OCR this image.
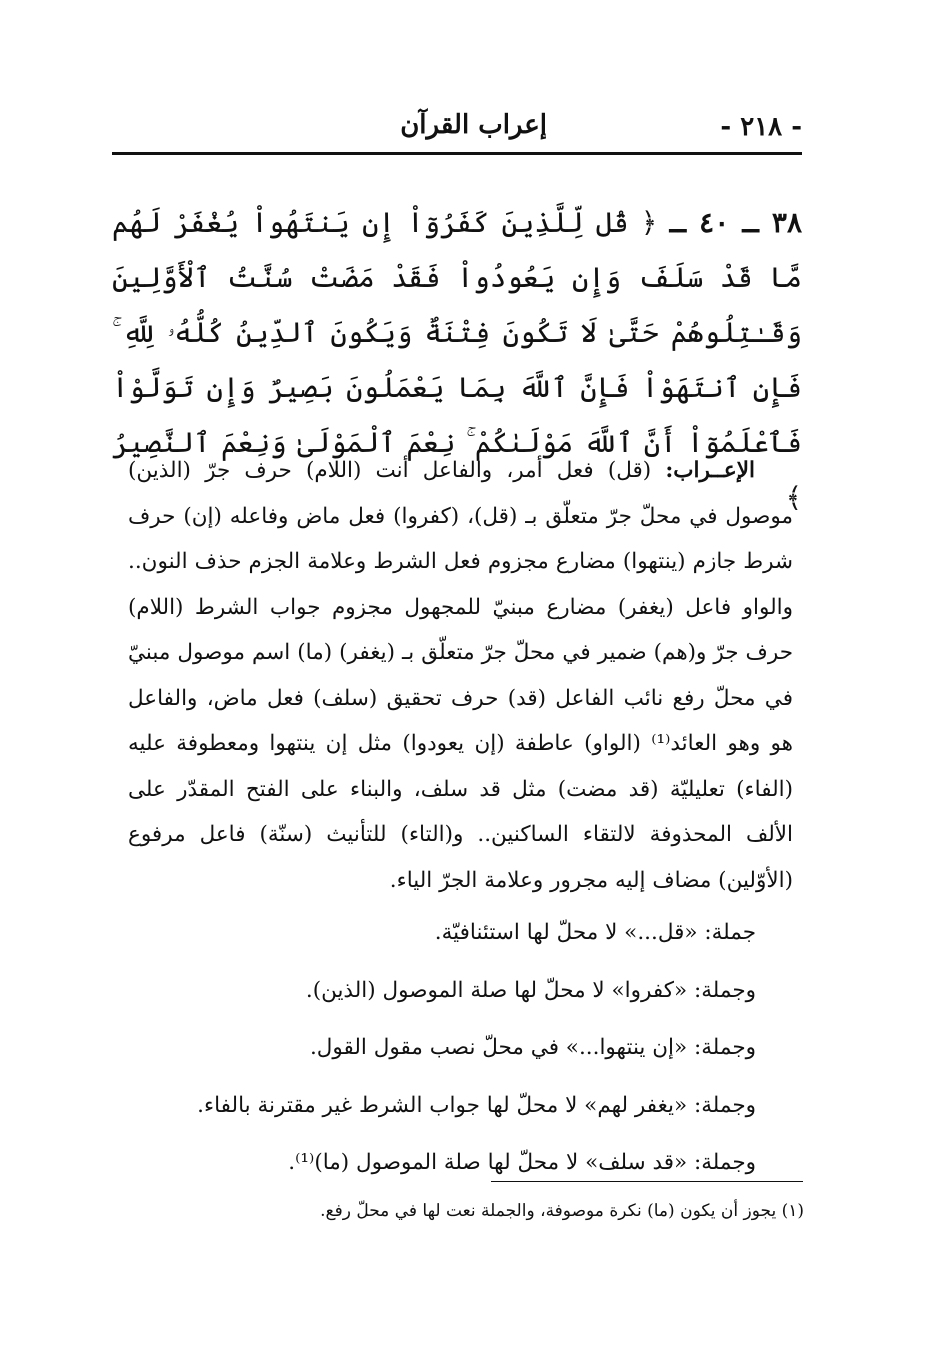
- ٢١٨ -
إعراب القرآن
٣٨ ــ ٤٠ ــ ﴿ قُل لِّلَّذِينَ كَفَرُوٓاْ إِن يَنتَهُواْ يُغْفَرْ لَهُم مَّا قَدْ سَلَفَ وَإِن يَعُودُواْ فَقَدْ مَضَتْ سُنَّتُ ٱلْأَوَّلِينَ وَقَـٰتِلُوهُمْ حَتَّىٰ لَا تَكُونَ فِتْنَةٌ وَيَكُونَ ٱلدِّينُ كُلُّهُۥ لِلَّهِ ۚ فَإِنِ ٱنتَهَوْاْ فَإِنَّ ٱللَّهَ بِمَا يَعْمَلُونَ بَصِيرٌ وَإِن تَوَلَّوْاْ فَٱعْلَمُوٓاْ أَنَّ ٱللَّهَ مَوْلَىٰكُمْ ۚ نِعْمَ ٱلْمَوْلَىٰ وَنِعْمَ ٱلنَّصِيرُ ﴾
الإعــراب: (قل) فعل أمر، والفاعل أنت (اللام) حرف جرّ (الذين) موصول في محلّ جرّ متعلّق بـ (قل)، (كفروا) فعل ماض وفاعله (إن) حرف شرط جازم (ينتهوا) مضارع مجزوم فعل الشرط وعلامة الجزم حذف النون.. والواو فاعل (يغفر) مضارع مبنيّ للمجهول مجزوم جواب الشرط (اللام) حرف جرّ و(هم) ضمير في محلّ جرّ متعلّق بـ (يغفر) (ما) اسم موصول مبنيّ في محلّ رفع نائب الفاعل (قد) حرف تحقيق (سلف) فعل ماض، والفاعل هو وهو العائد⁽¹⁾ (الواو) عاطفة (إن يعودوا) مثل إن ينتهوا ومعطوفة عليه (الفاء) تعليليّة (قد مضت) مثل قد سلف، والبناء على الفتح المقدّر على الألف المحذوفة لالتقاء الساكنين.. و(التاء) للتأنيث (سنّة) فاعل مرفوع (الأوّلين) مضاف إليه مجرور وعلامة الجرّ الياء.
جملة: «قل...» لا محلّ لها استئنافيّة.
وجملة: «كفروا» لا محلّ لها صلة الموصول (الذين).
وجملة: «إن ينتهوا...» في محلّ نصب مقول القول.
وجملة: «يغفر لهم» لا محلّ لها جواب الشرط غير مقترنة بالفاء.
وجملة: «قد سلف» لا محلّ لها صلة الموصول (ما)⁽¹⁾.
(١) يجوز أن يكون (ما) نكرة موصوفة، والجملة نعت لها في محلّ رفع.
